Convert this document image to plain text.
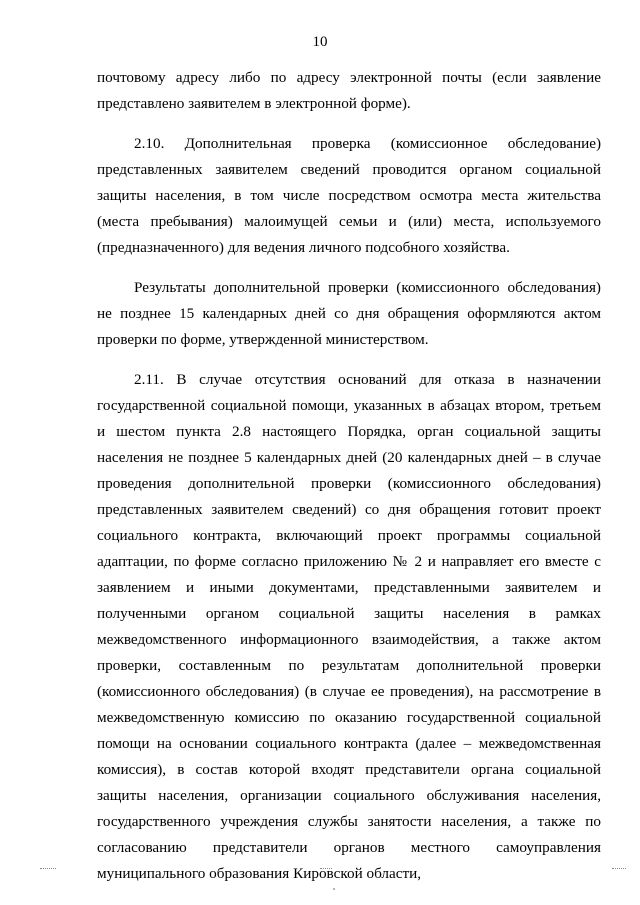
10

почтовому адресу либо по адресу электронной почты (если заявление представлено заявителем в электронной форме).

2.10. Дополнительная проверка (комиссионное обследование) представленных заявителем сведений проводится органом социальной защиты населения, в том числе посредством осмотра места жительства (места пребывания) малоимущей семьи и (или) места, используемого (предназначенного) для ведения личного подсобного хозяйства.

Результаты дополнительной проверки (комиссионного обследования) не позднее 15 календарных дней со дня обращения оформляются актом проверки по форме, утвержденной министерством.

2.11. В случае отсутствия оснований для отказа в назначении государственной социальной помощи, указанных в абзацах втором, третьем и шестом пункта 2.8 настоящего Порядка, орган социальной защиты населения не позднее 5 календарных дней (20 календарных дней – в случае проведения дополнительной проверки (комиссионного обследования) представленных заявителем сведений) со дня обращения готовит проект социального контракта, включающий проект программы социальной адаптации, по форме согласно приложению № 2 и направляет его вместе с заявлением и иными документами, представленными заявителем и полученными органом социальной защиты населения в рамках межведомственного информационного взаимодействия, а также актом проверки, составленным по результатам дополнительной проверки (комиссионного обследования) (в случае ее проведения), на рассмотрение в межведомственную комиссию по оказанию государственной социальной помощи на основании социального контракта (далее – межведомственная комиссия), в состав которой входят представители органа социальной защиты населения, организации социального обслуживания населения, государственного учреждения службы занятости населения, а также по согласованию представители органов местного самоуправления муниципального образования Кировской области,
